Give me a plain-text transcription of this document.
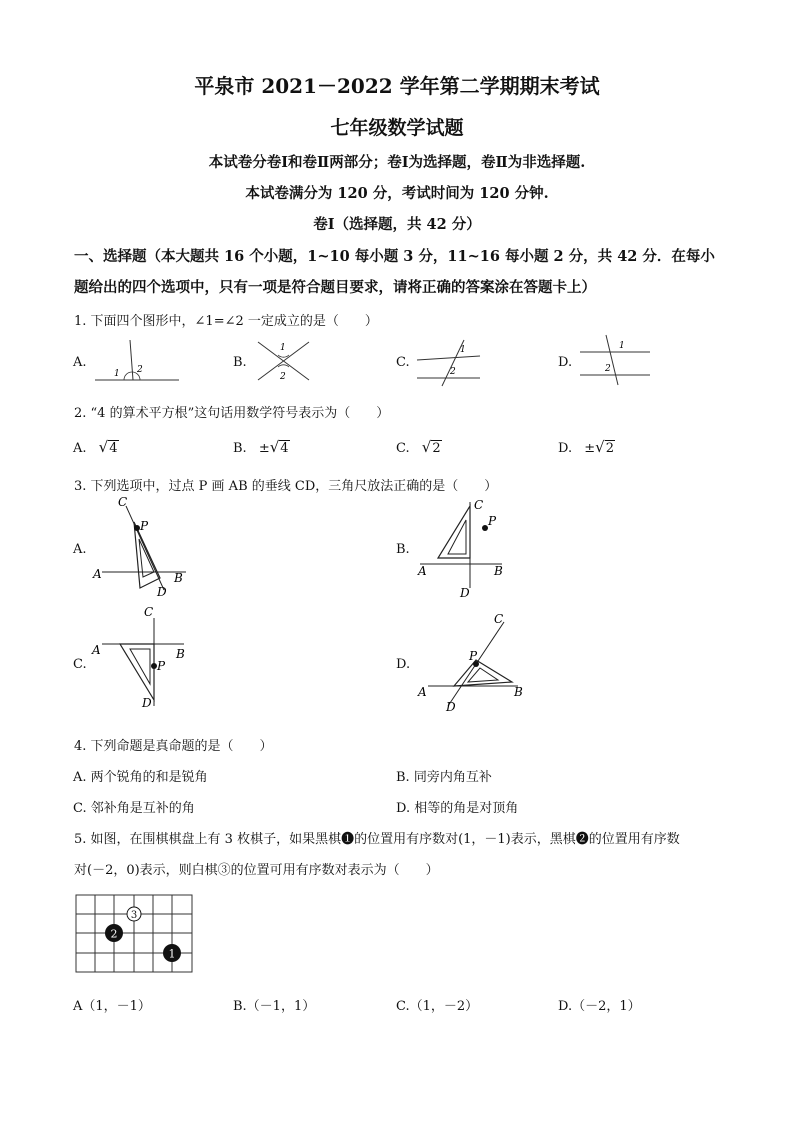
平泉市 2021－2022 学年第二学期期末考试
七年级数学试题
本试卷分卷Ⅰ和卷Ⅱ两部分；卷Ⅰ为选择题，卷Ⅱ为非选择题.
本试卷满分为 120 分，考试时间为 120 分钟.
卷Ⅰ（选择题，共 42 分）
一、选择题（本大题共 16 个小题，1~10 每小题 3 分，11~16 每小题 2 分，共 42 分．在每小
题给出的四个选项中，只有一项是符合题目要求，请将正确的答案涂在答题卡上）
1. 下面四个图形中，∠1=∠2 一定成立的是（　　）
A.
1 2	B.
1
2
C.
1
2
D.
1
2
2. “4 的算术平方根”这句话用数学符号表示为（　　）
A. √4	B. ±√4	C. √2	D. ±√2
3. 下列选项中，过点 P 画 AB 的垂线 CD，三角尺放法正确的是（　　）
A.
C
P
A	B
D
B.
C
P
A	B
D
C.
C
P
A	B
D
D.
C
P
A	B
D
4. 下列命题是真命题的是（　　）
A. 两个锐角的和是锐角	B. 同旁内角互补
C. 邻补角是互补的角	D. 相等的角是对顶角
5. 如图，在围棋棋盘上有 3 枚棋子，如果黑棋❶的位置用有序数对(1，－1)表示，黑棋❷的位置用有序数
对(－2，0)表示，则白棋③的位置可用有序数对表示为（　　）
3
2
1
A（1，－1）	B.（－1，1）	C.（1，－2）	D.（－2，1）
